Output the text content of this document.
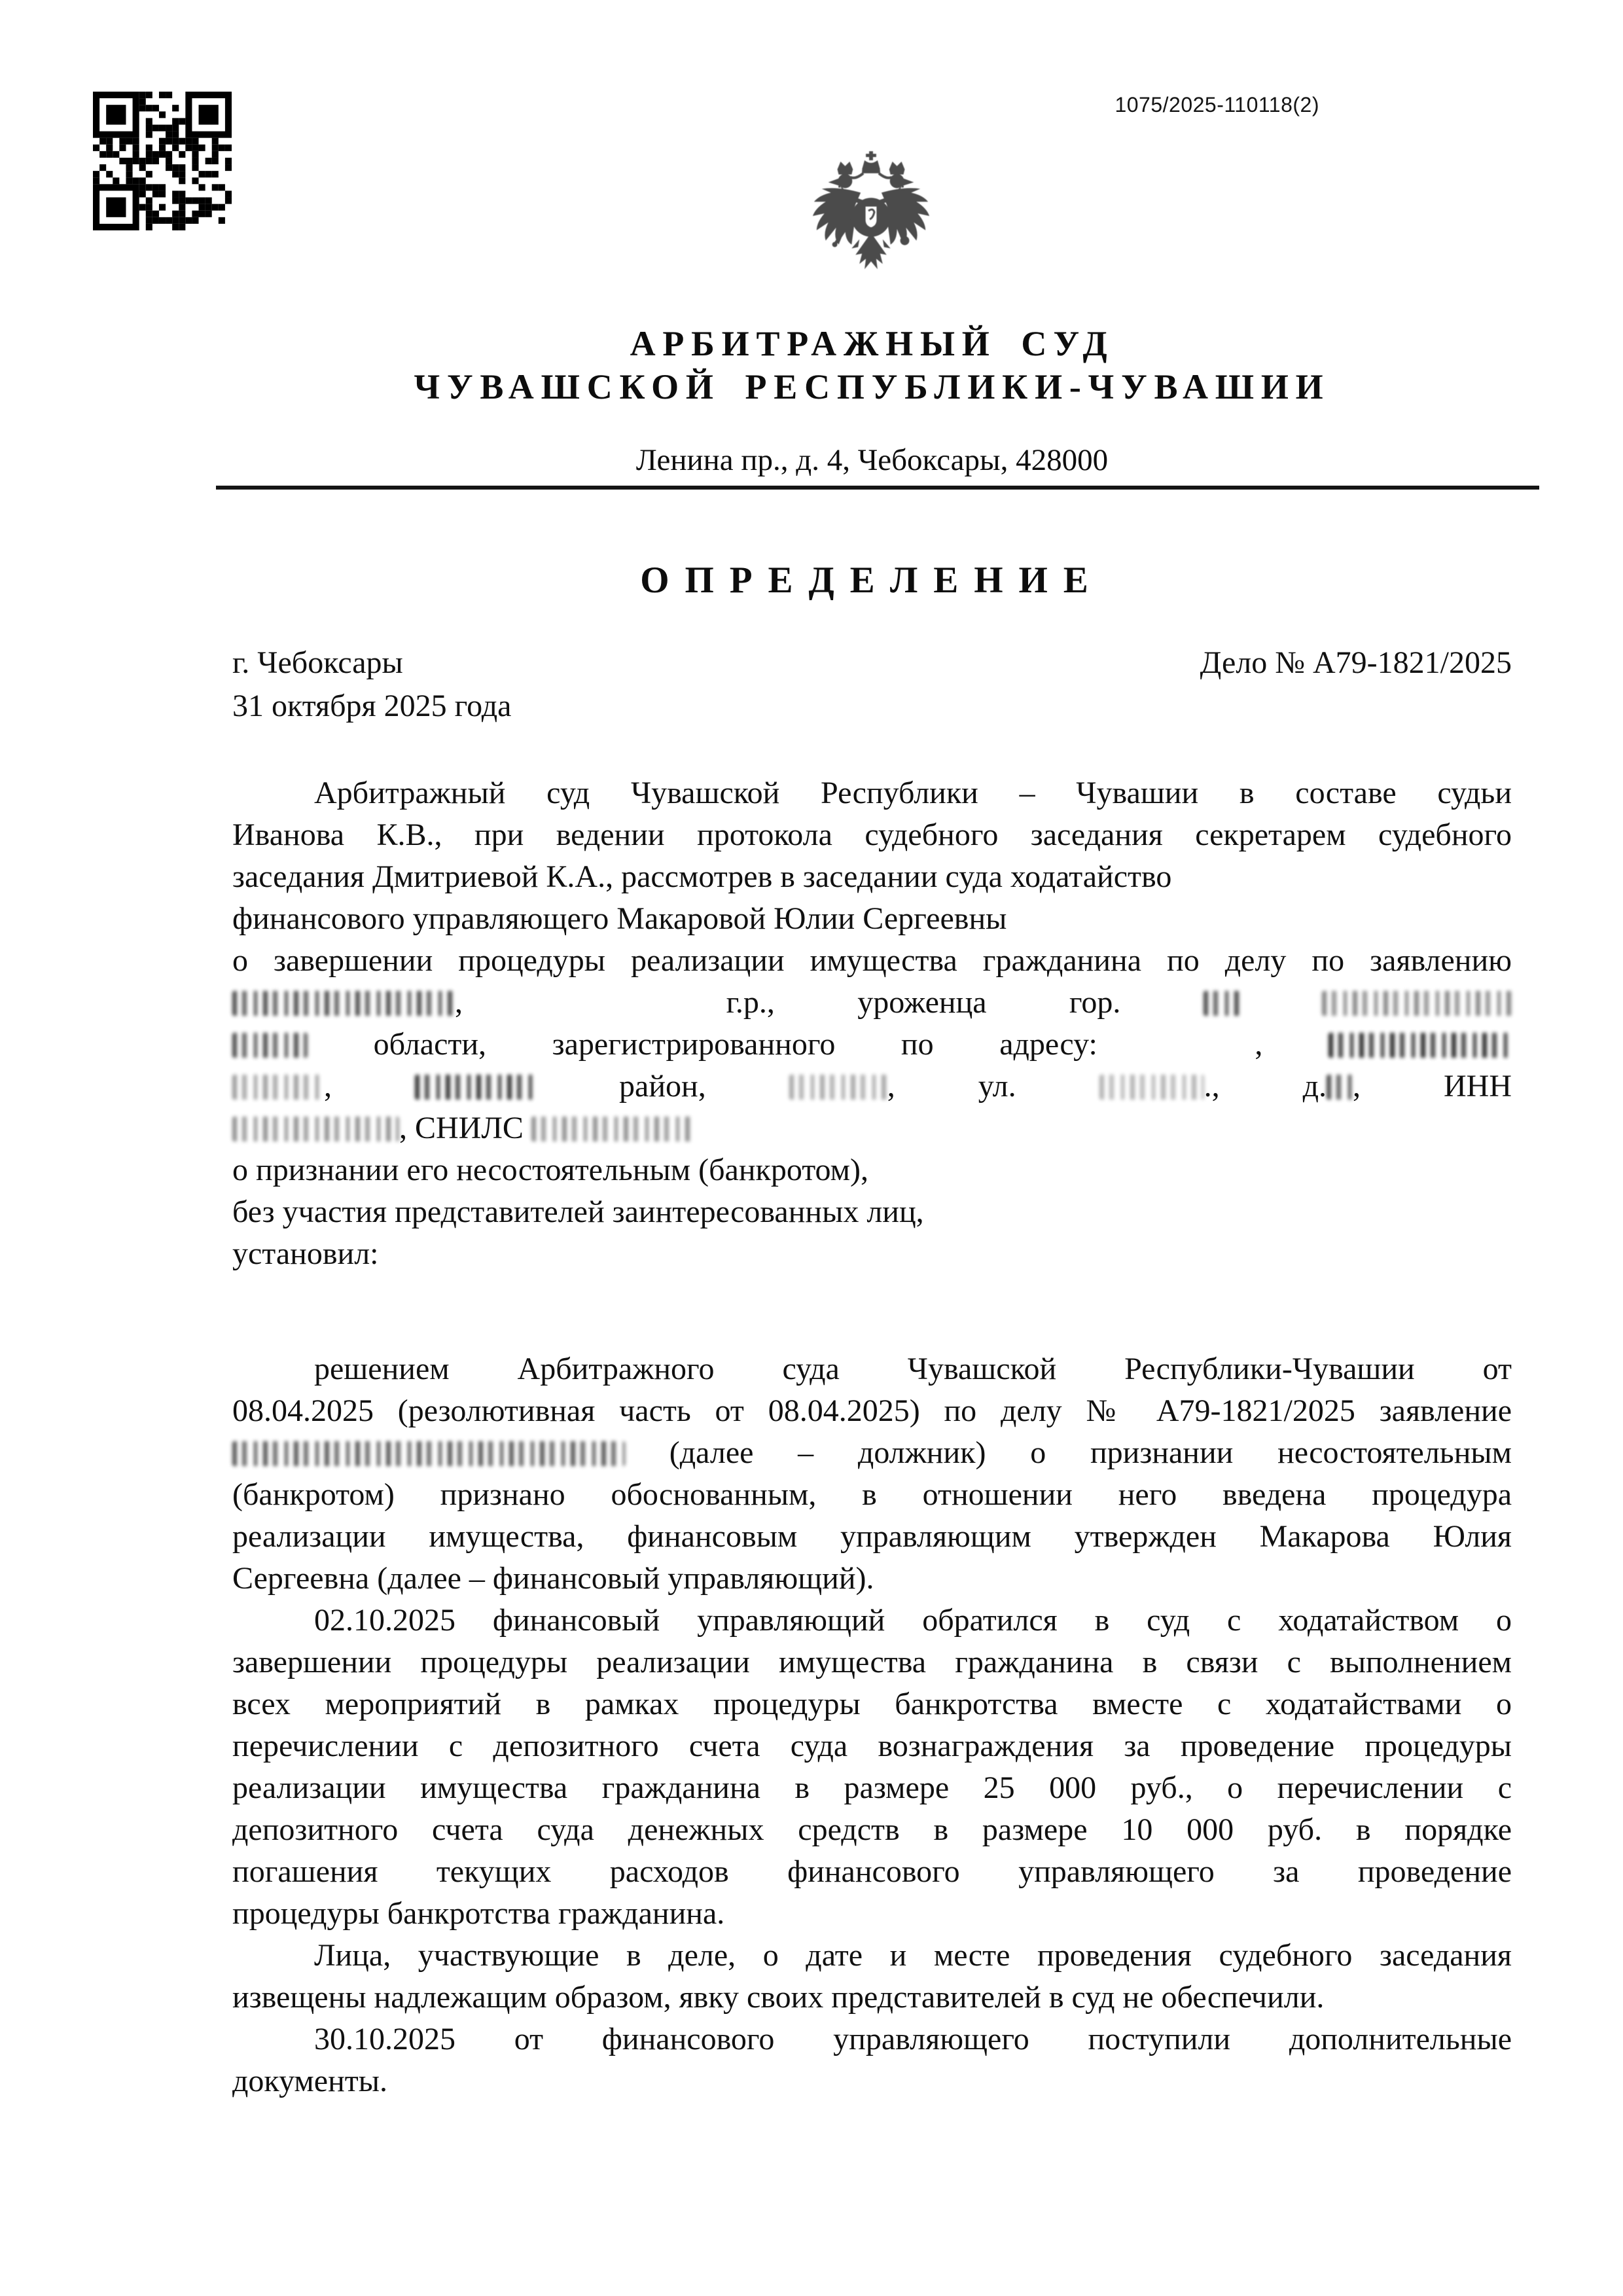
1075/2025-110118(2)
АРБИТРАЖНЫЙ СУД
ЧУВАШСКОЙ РЕСПУБЛИКИ-ЧУВАШИИ
Ленина пр., д. 4, Чебоксары, 428000
ОПРЕДЕЛЕНИЕ
г. Чебоксары	Дело № А79-1821/2025
31 октября 2025 года
Арбитражный суд Чувашской Республики – Чувашии в составе судьи
Иванова К.В., при ведении протокола судебного заседания секретарем судебного
заседания Дмитриевой К.А., рассмотрев в заседании суда ходатайство
финансового управляющего Макаровой Юлии Сергеевны
о завершении процедуры реализации имущества гражданина по делу по заявлению
,	г.р., уроженца гор.
области, зарегистрированного по адресу:	,
,	район,	, ул.	., д. , ИНН
, СНИЛС
о признании его несостоятельным (банкротом),
без участия представителей заинтересованных лиц,
установил:
решением Арбитражного суда Чувашской Республики-Чувашии от
08.04.2025 (резолютивная часть от 08.04.2025) по делу № А79-1821/2025 заявление
(далее – должник) о признании несостоятельным
(банкротом) признано обоснованным, в отношении него введена процедура
реализации имущества, финансовым управляющим утвержден Макарова Юлия
Сергеевна (далее – финансовый управляющий).
02.10.2025 финансовый управляющий обратился в суд с ходатайством о
завершении процедуры реализации имущества гражданина в связи с выполнением
всех мероприятий в рамках процедуры банкротства вместе с ходатайствами о
перечислении с депозитного счета суда вознаграждения за проведение процедуры
реализации имущества гражданина в размере 25 000 руб., о перечислении с
депозитного счета суда денежных средств в размере 10 000 руб. в порядке
погашения текущих расходов финансового управляющего за проведение
процедуры банкротства гражданина.
Лица, участвующие в деле, о дате и месте проведения судебного заседания
извещены надлежащим образом, явку своих представителей в суд не обеспечили.
30.10.2025 от финансового управляющего поступили дополнительные
документы.
